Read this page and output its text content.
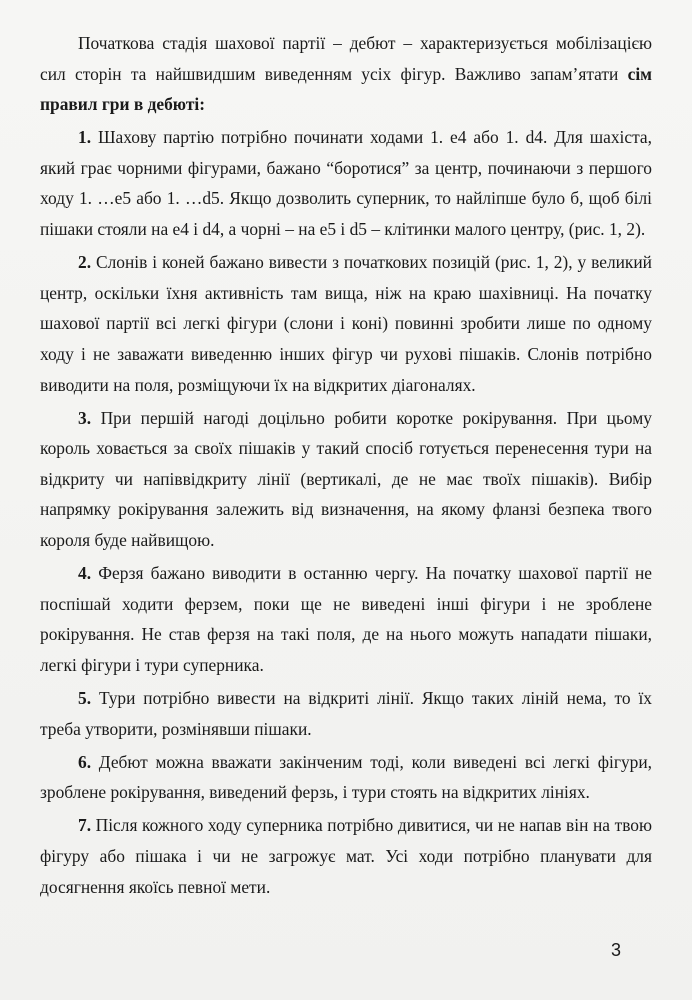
Початкова стадія шахової партії – дебют – характеризується мобілізацією сил сторін та найшвидшим виведенням усіх фігур. Важливо запам’ятати сім правил гри в дебюті:

1. Шахову партію потрібно починати ходами 1. e4 або 1. d4. Для шахіста, який грає чорними фігурами, бажано “боротися” за центр, починаючи з першого ходу 1. …e5 або 1. …d5. Якщо дозволить суперник, то найліпше було б, щоб білі пішаки стояли на e4 і d4, а чорні – на e5 і d5 – клітинки малого центру, (рис. 1, 2).

2. Слонів і коней бажано вивести з початкових позицій (рис. 1, 2), у великий центр, оскільки їхня активність там вища, ніж на краю шахівниці. На початку шахової партії всі легкі фігури (слони і коні) повинні зробити лише по одному ходу і не заважати виведенню інших фігур чи рухові пішаків. Слонів потрібно виводити на поля, розміщуючи їх на відкритих діагоналях.

3. При першій нагоді доцільно робити коротке рокірування. При цьому король ховається за своїх пішаків у такий спосіб готується перенесення тури на відкриту чи напіввідкриту лінії (вертикалі, де не має твоїх пішаків). Вибір напрямку рокірування залежить від визначення, на якому фланзі безпека твого короля буде найвищою.

4. Ферзя бажано виводити в останню чергу. На початку шахової партії не поспішай ходити ферзем, поки ще не виведені інші фігури і не зроблене рокірування. Не став ферзя на такі поля, де на нього можуть нападати пішаки, легкі фігури і тури суперника.

5. Тури потрібно вивести на відкриті лінії. Якщо таких ліній нема, то їх треба утворити, розмінявши пішаки.

6. Дебют можна вважати закінченим тоді, коли виведені всі легкі фігури, зроблене рокірування, виведений ферзь, і тури стоять на відкритих лініях.

7. Після кожного ходу суперника потрібно дивитися, чи не напав він на твою фігуру або пішака і чи не загрожує мат. Усі ходи потрібно планувати для досягнення якоїсь певної мети.

3
